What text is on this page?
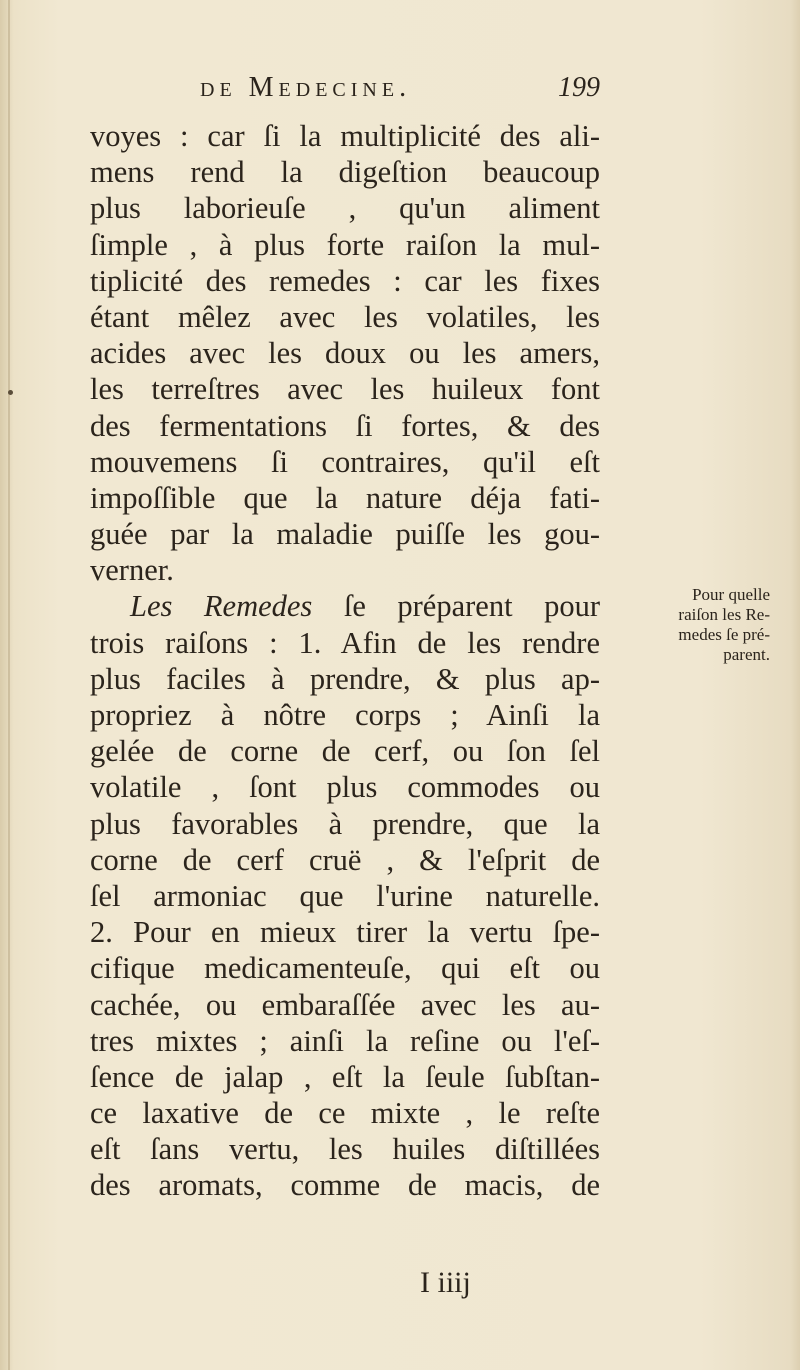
de Medecine.	199
voyes : car ſi la multiplicité des ali-
mens rend la digeſtion beaucoup
plus laborieuſe , qu'un aliment
ſimple , à plus forte raiſon la mul-
tiplicité des remedes : car les fixes
étant mêlez avec les volatiles, les
acides avec les doux ou les amers,
les terreſtres avec les huileux font
des fermentations ſi fortes, & des
mouvemens ſi contraires, qu'il eſt
impoſſible que la nature déja fati-
guée par la maladie puiſſe les gou-
verner.
Les Remedes ſe préparent pour
trois raiſons : 1. Afin de les rendre
plus faciles à prendre, & plus ap-
propriez à nôtre corps ; Ainſi la
gelée de corne de cerf, ou ſon ſel
volatile , ſont plus commodes ou
plus favorables à prendre, que la
corne de cerf cruë , & l'eſprit de
ſel armoniac que l'urine naturelle.
2. Pour en mieux tirer la vertu ſpe-
cifique medicamenteuſe, qui eſt ou
cachée, ou embaraſſée avec les au-
tres mixtes ; ainſi la reſine ou l'eſ-
ſence de jalap , eſt la ſeule ſubſtan-
ce laxative de ce mixte , le reſte
eſt ſans vertu, les huiles diſtillées
des aromats, comme de macis, de
Pour quelle
raiſon les Re-
medes ſe pré-
parent.
I iiij
